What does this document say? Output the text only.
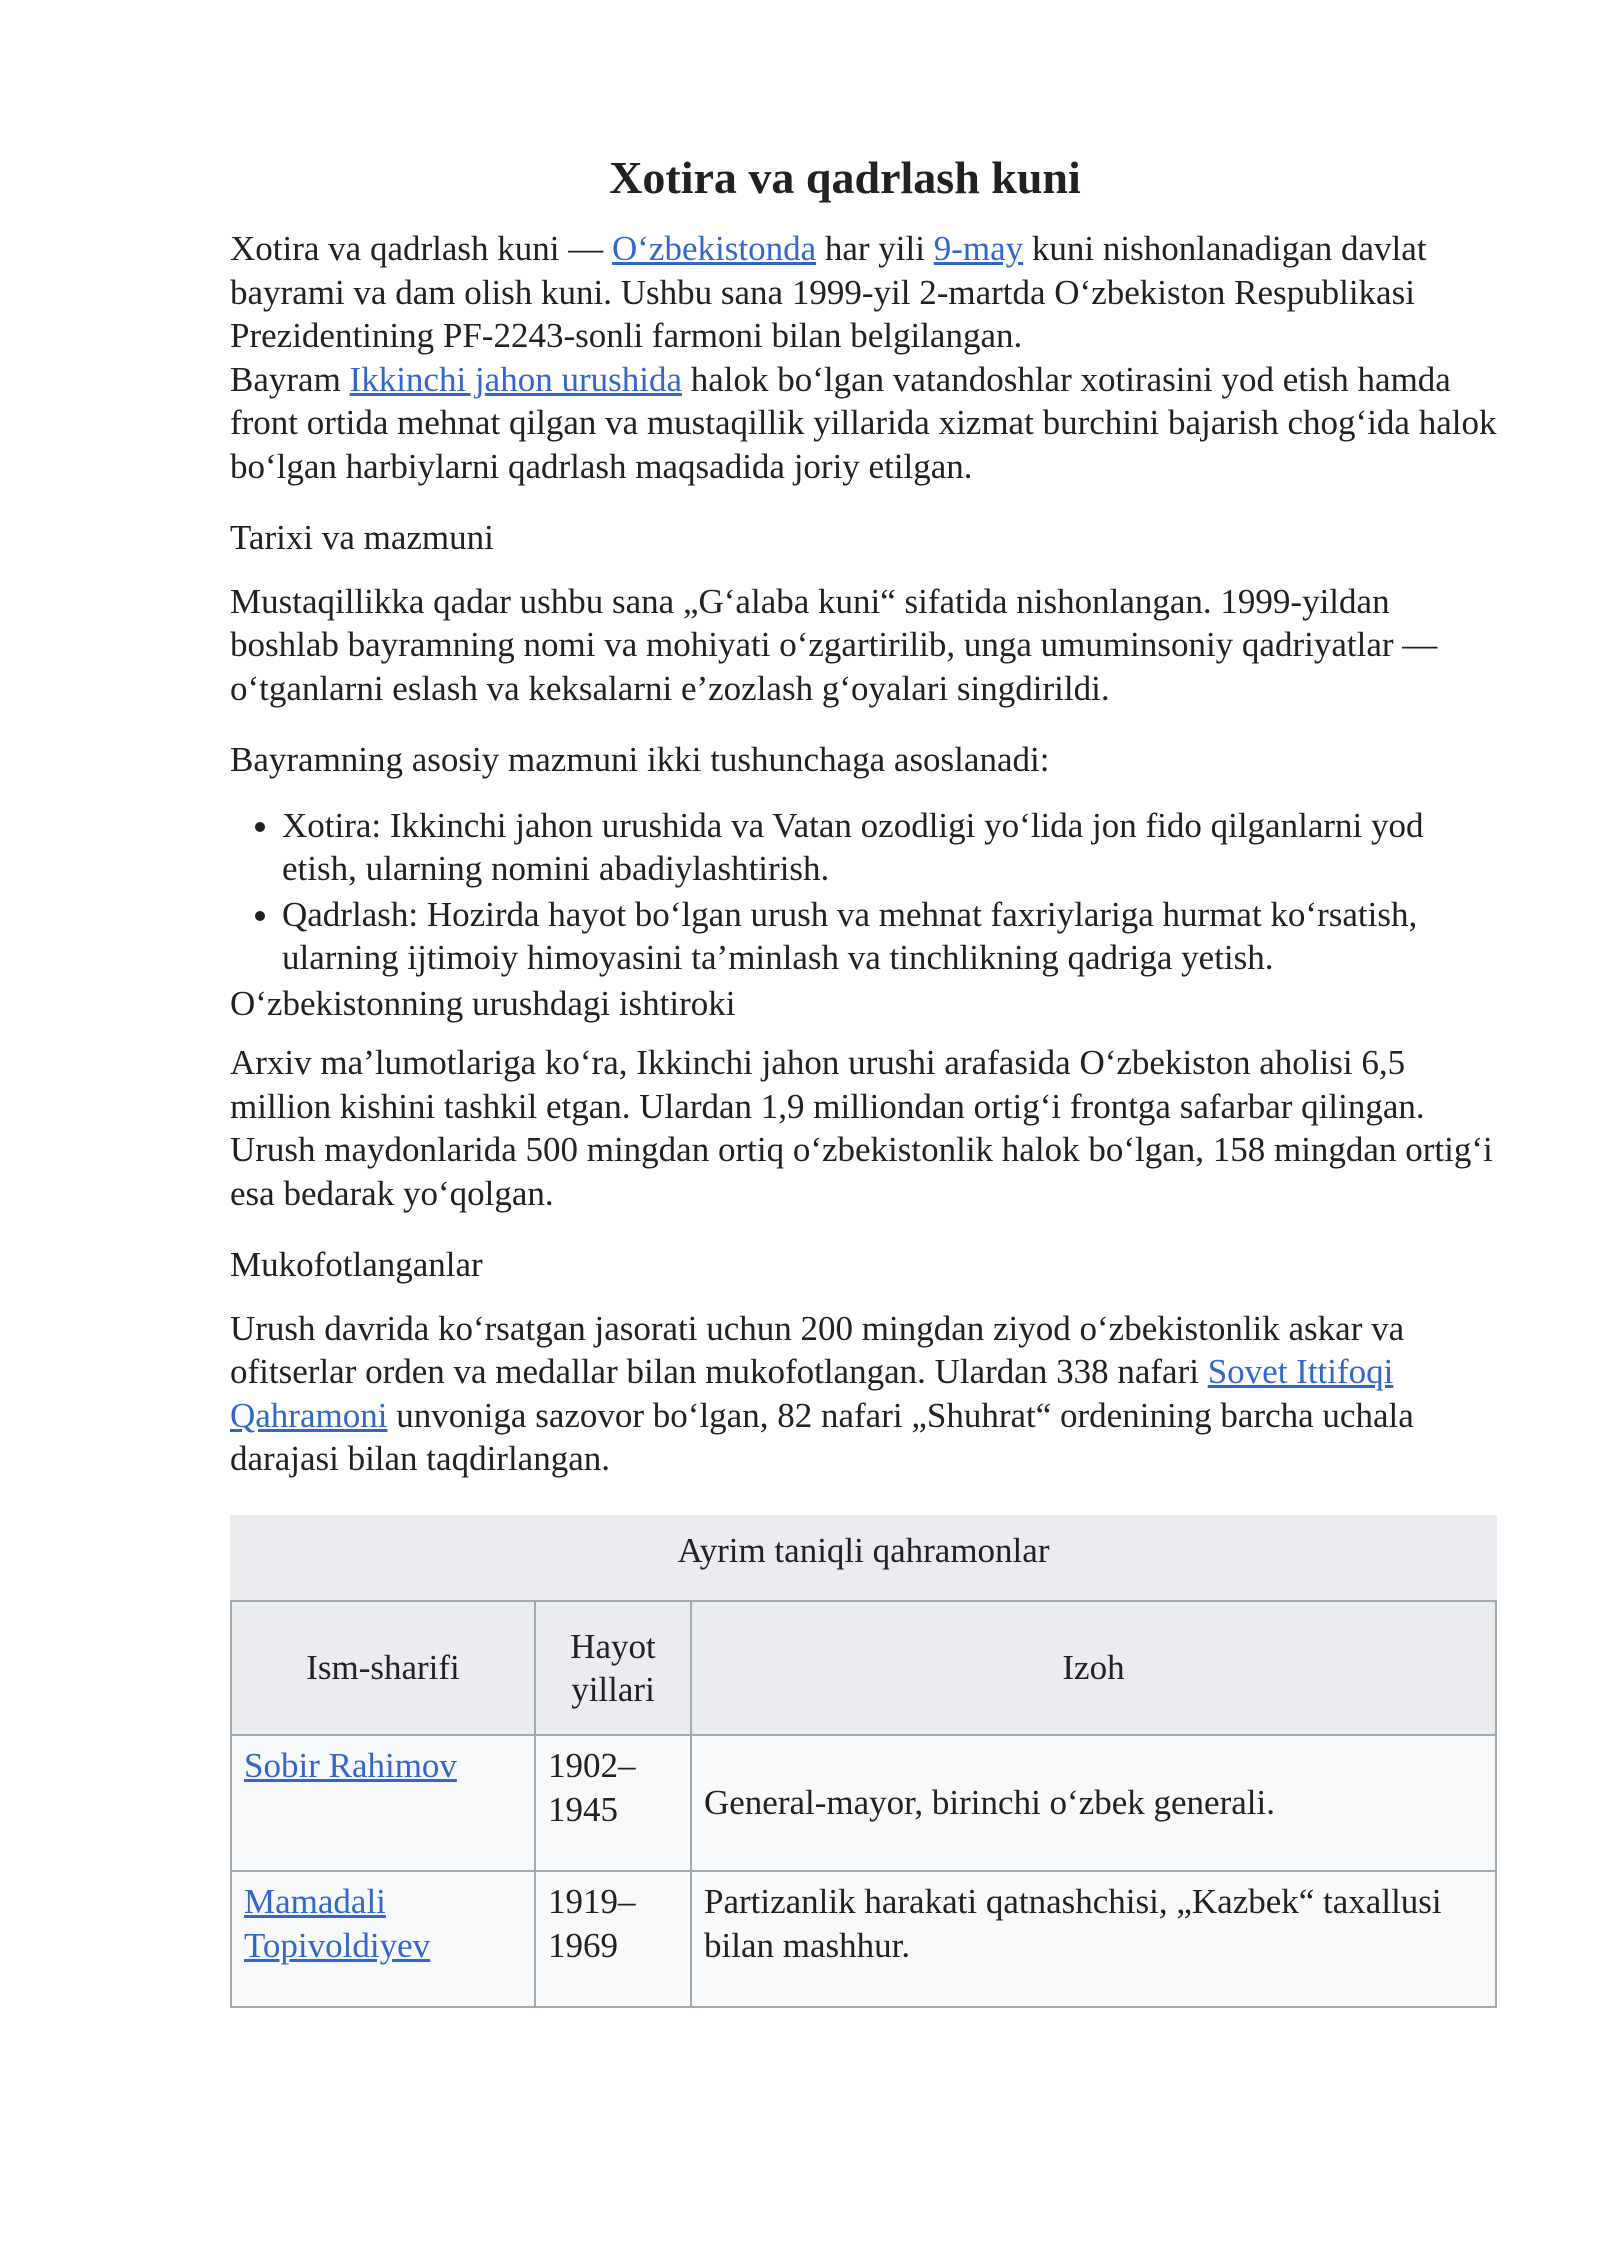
Xotira va qadrlash kuni

Xotira va qadrlash kuni — O‘zbekistonda har yili 9-may kuni nishonlanadigan davlat bayrami va dam olish kuni. Ushbu sana 1999-yil 2-martda O‘zbekiston Respublikasi Prezidentining PF-2243-sonli farmoni bilan belgilangan.

Bayram Ikkinchi jahon urushida halok bo‘lgan vatandoshlar xotirasini yod etish hamda front ortida mehnat qilgan va mustaqillik yillarida xizmat burchini bajarish chog‘ida halok bo‘lgan harbiylarni qadrlash maqsadida joriy etilgan.

Tarixi va mazmuni

Mustaqillikka qadar ushbu sana „G‘alaba kuni“ sifatida nishonlangan. 1999-yildan boshlab bayramning nomi va mohiyati o‘zgartirilib, unga umuminsoniy qadriyatlar — o‘tganlarni eslash va keksalarni e’zozlash g‘oyalari singdirildi.

Bayramning asosiy mazmuni ikki tushunchaga asoslanadi:

• Xotira: Ikkinchi jahon urushida va Vatan ozodligi yo‘lida jon fido qilganlarni yod etish, ularning nomini abadiylashtirish.
• Qadrlash: Hozirda hayot bo‘lgan urush va mehnat faxriylariga hurmat ko‘rsatish, ularning ijtimoiy himoyasini ta’minlash va tinchlikning qadriga yetish.

O‘zbekistonning urushdagi ishtiroki

Arxiv ma’lumotlariga ko‘ra, Ikkinchi jahon urushi arafasida O‘zbekiston aholisi 6,5 million kishini tashkil etgan. Ulardan 1,9 milliondan ortig‘i frontga safarbar qilingan. Urush maydonlarida 500 mingdan ortiq o‘zbekistonlik halok bo‘lgan, 158 mingdan ortig‘i esa bedarak yo‘qolgan.

Mukofotlanganlar

Urush davrida ko‘rsatgan jasorati uchun 200 mingdan ziyod o‘zbekistonlik askar va ofitserlar orden va medallar bilan mukofotlangan. Ulardan 338 nafari Sovet Ittifoqi Qahramoni unvoniga sazovor bo‘lgan, 82 nafari „Shuhrat“ ordenining barcha uchala darajasi bilan taqdirlangan.

Ayrim taniqli qahramonlar
Ism-sharifi	Hayot yillari	Izoh
Sobir Rahimov	1902–1945	General-mayor, birinchi o‘zbek generali.
Mamadali Topivoldiyev	1919–1969	Partizanlik harakati qatnashchisi, „Kazbek“ taxallusi bilan mashhur.
